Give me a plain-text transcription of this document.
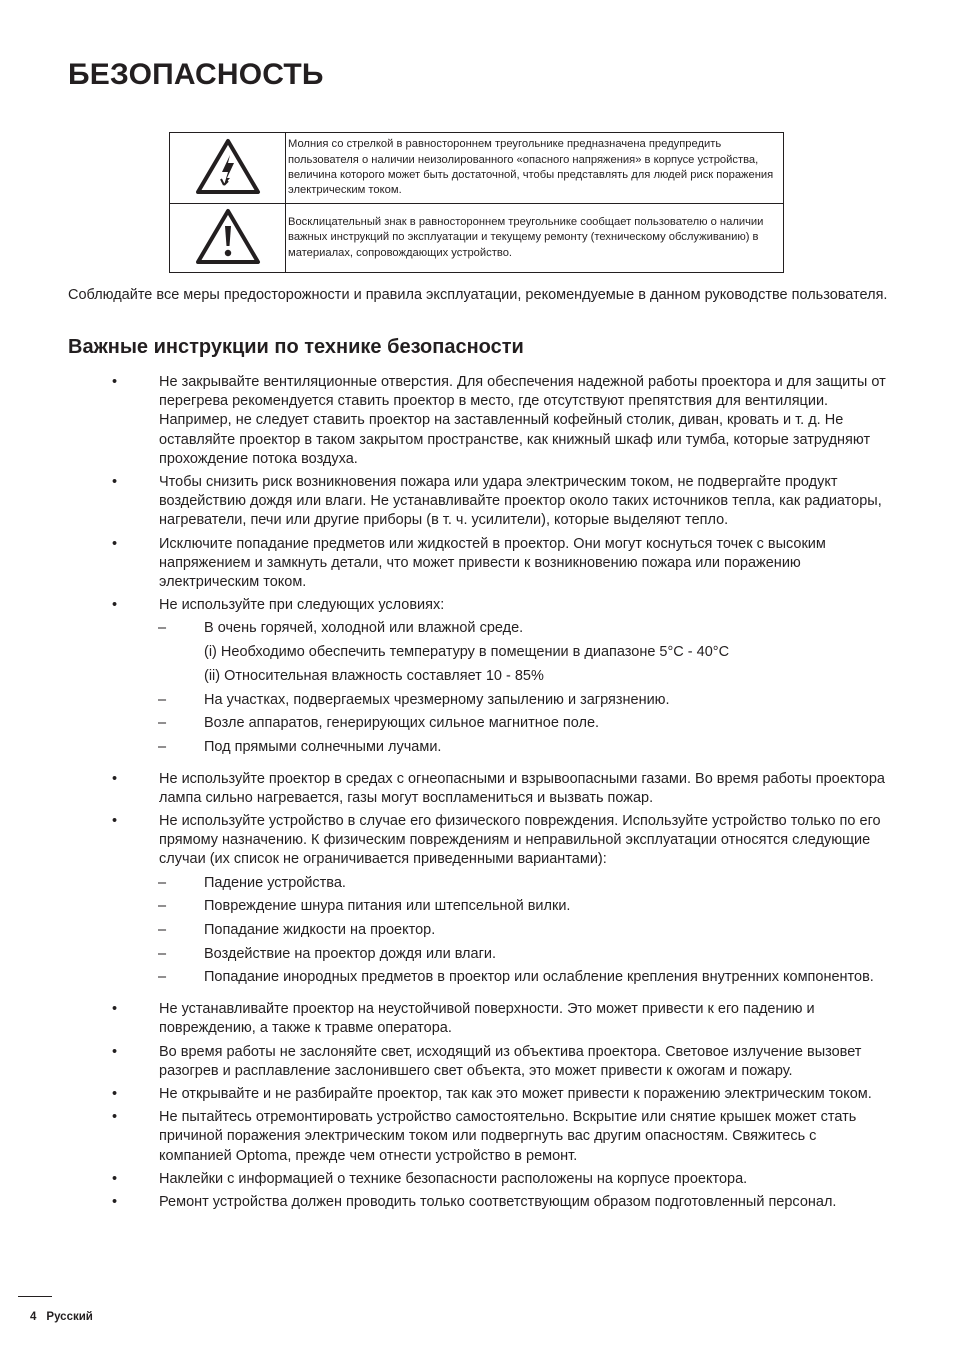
БЕЗОПАСНОСТЬ
	Молния со стрелкой в равностороннем треугольнике предназначена предупредить пользователя о наличии неизолированного «опасного напряжения» в корпусе устройства, величина которого может быть достаточной, чтобы представлять для людей риск поражения электрическим током.
	Восклицательный знак в равностороннем треугольнике сообщает пользователю о наличии важных инструкций по эксплуатации и текущему ремонту (техническому обслуживанию) в материалах, сопровождающих устройство.

Соблюдайте все меры предосторожности и правила эксплуатации, рекомендуемые в данном руководстве пользователя.

Важные инструкции по технике безопасности
•	Не закрывайте вентиляционные отверстия. Для обеспечения надежной работы проектора и для защиты от перегрева рекомендуется ставить проектор в место, где отсутствуют препятствия для вентиляции. Например, не следует ставить проектор на заставленный кофейный столик, диван, кровать и т. д. Не оставляйте проектор в таком закрытом пространстве, как книжный шкаф или тумба, которые затрудняют прохождение потока воздуха.
•	Чтобы снизить риск возникновения пожара или удара электрическим током, не подвергайте продукт воздействию дождя или влаги. Не устанавливайте проектор около таких источников тепла, как радиаторы, нагреватели, печи или другие приборы (в т. ч. усилители), которые выделяют тепло.
•	Исключите попадание предметов или жидкостей в проектор. Они могут коснуться точек с высоким напряжением и замкнуть детали, что может привести к возникновению пожара или поражению электрическим током.
•	Не используйте при следующих условиях:
–	В очень горячей, холодной или влажной среде.
(i) Необходимо обеспечить температуру в помещении в диапазоне 5°C - 40°C
(ii) Относительная влажность составляет 10 - 85%
–	На участках, подвергаемых чрезмерному запылению и загрязнению.
–	Возле аппаратов, генерирующих сильное магнитное поле.
–	Под прямыми солнечными лучами.
•	Не используйте проектор в средах с огнеопасными и взрывоопасными газами. Во время работы проектора лампа сильно нагревается, газы могут воспламениться и вызвать пожар.
•	Не используйте устройство в случае его физического повреждения. Используйте устройство только по его прямому назначению. К физическим повреждениям и неправильной эксплуатации относятся следующие случаи (их список не ограничивается приведенными вариантами):
–	Падение устройства.
–	Повреждение шнура питания или штепсельной вилки.
–	Попадание жидкости на проектор.
–	Воздействие на проектор дождя или влаги.
–	Попадание инородных предметов в проектор или ослабление крепления внутренних компонентов.
•	Не устанавливайте проектор на неустойчивой поверхности. Это может привести к его падению и повреждению, а также к травме оператора.
•	Во время работы не заслоняйте свет, исходящий из объектива проектора. Световое излучение вызовет разогрев и расплавление заслонившего свет объекта, это может привести к ожогам и пожару.
•	Не открывайте и не разбирайте проектор, так как это может привести к поражению электрическим током.
•	Не пытайтесь отремонтировать устройство самостоятельно. Вскрытие или снятие крышек может стать причиной поражения электрическим током или подвергнуть вас другим опасностям. Свяжитесь с компанией Optoma, прежде чем отнести устройство в ремонт.
•	Наклейки с информацией о технике безопасности расположены на корпусе проектора.
•	Ремонт устройства должен проводить только соответствующим образом подготовленный персонал.
4 Русский
